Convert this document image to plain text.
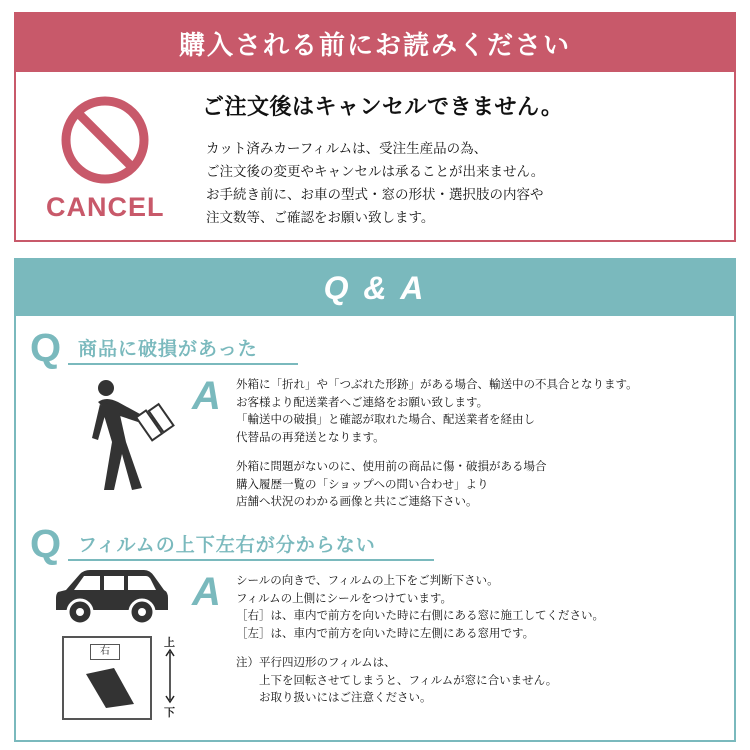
購入される前にお読みください
CANCEL
ご注文後はキャンセルできません。
カット済みカーフィルムは、受注生産品の為、
ご注文後の変更やキャンセルは承ることが出来ません。
お手続き前に、お車の型式・窓の形状・選択肢の内容や
注文数等、ご確認をお願い致します。
Q & A
Q 商品に破損があった
A 外箱に「折れ」や「つぶれた形跡」がある場合、輸送中の不具合となります。
お客様より配送業者へご連絡をお願い致します。
「輸送中の破損」と確認が取れた場合、配送業者を経由し
代替品の再発送となります。
外箱に問題がないのに、使用前の商品に傷・破損がある場合
購入履歴一覧の「ショップへの問い合わせ」より
店舗へ状況のわかる画像と共にご連絡下さい。
Q フィルムの上下左右が分からない
右
上
下
A シールの向きで、フィルムの上下をご判断下さい。
フィルムの上側にシールをつけています。
［右］は、車内で前方を向いた時に右側にある窓に施工してください。
［左］は、車内で前方を向いた時に左側にある窓用です。
注）平行四辺形のフィルムは、
　　上下を回転させてしまうと、フィルムが窓に合いません。
　　お取り扱いにはご注意ください。
